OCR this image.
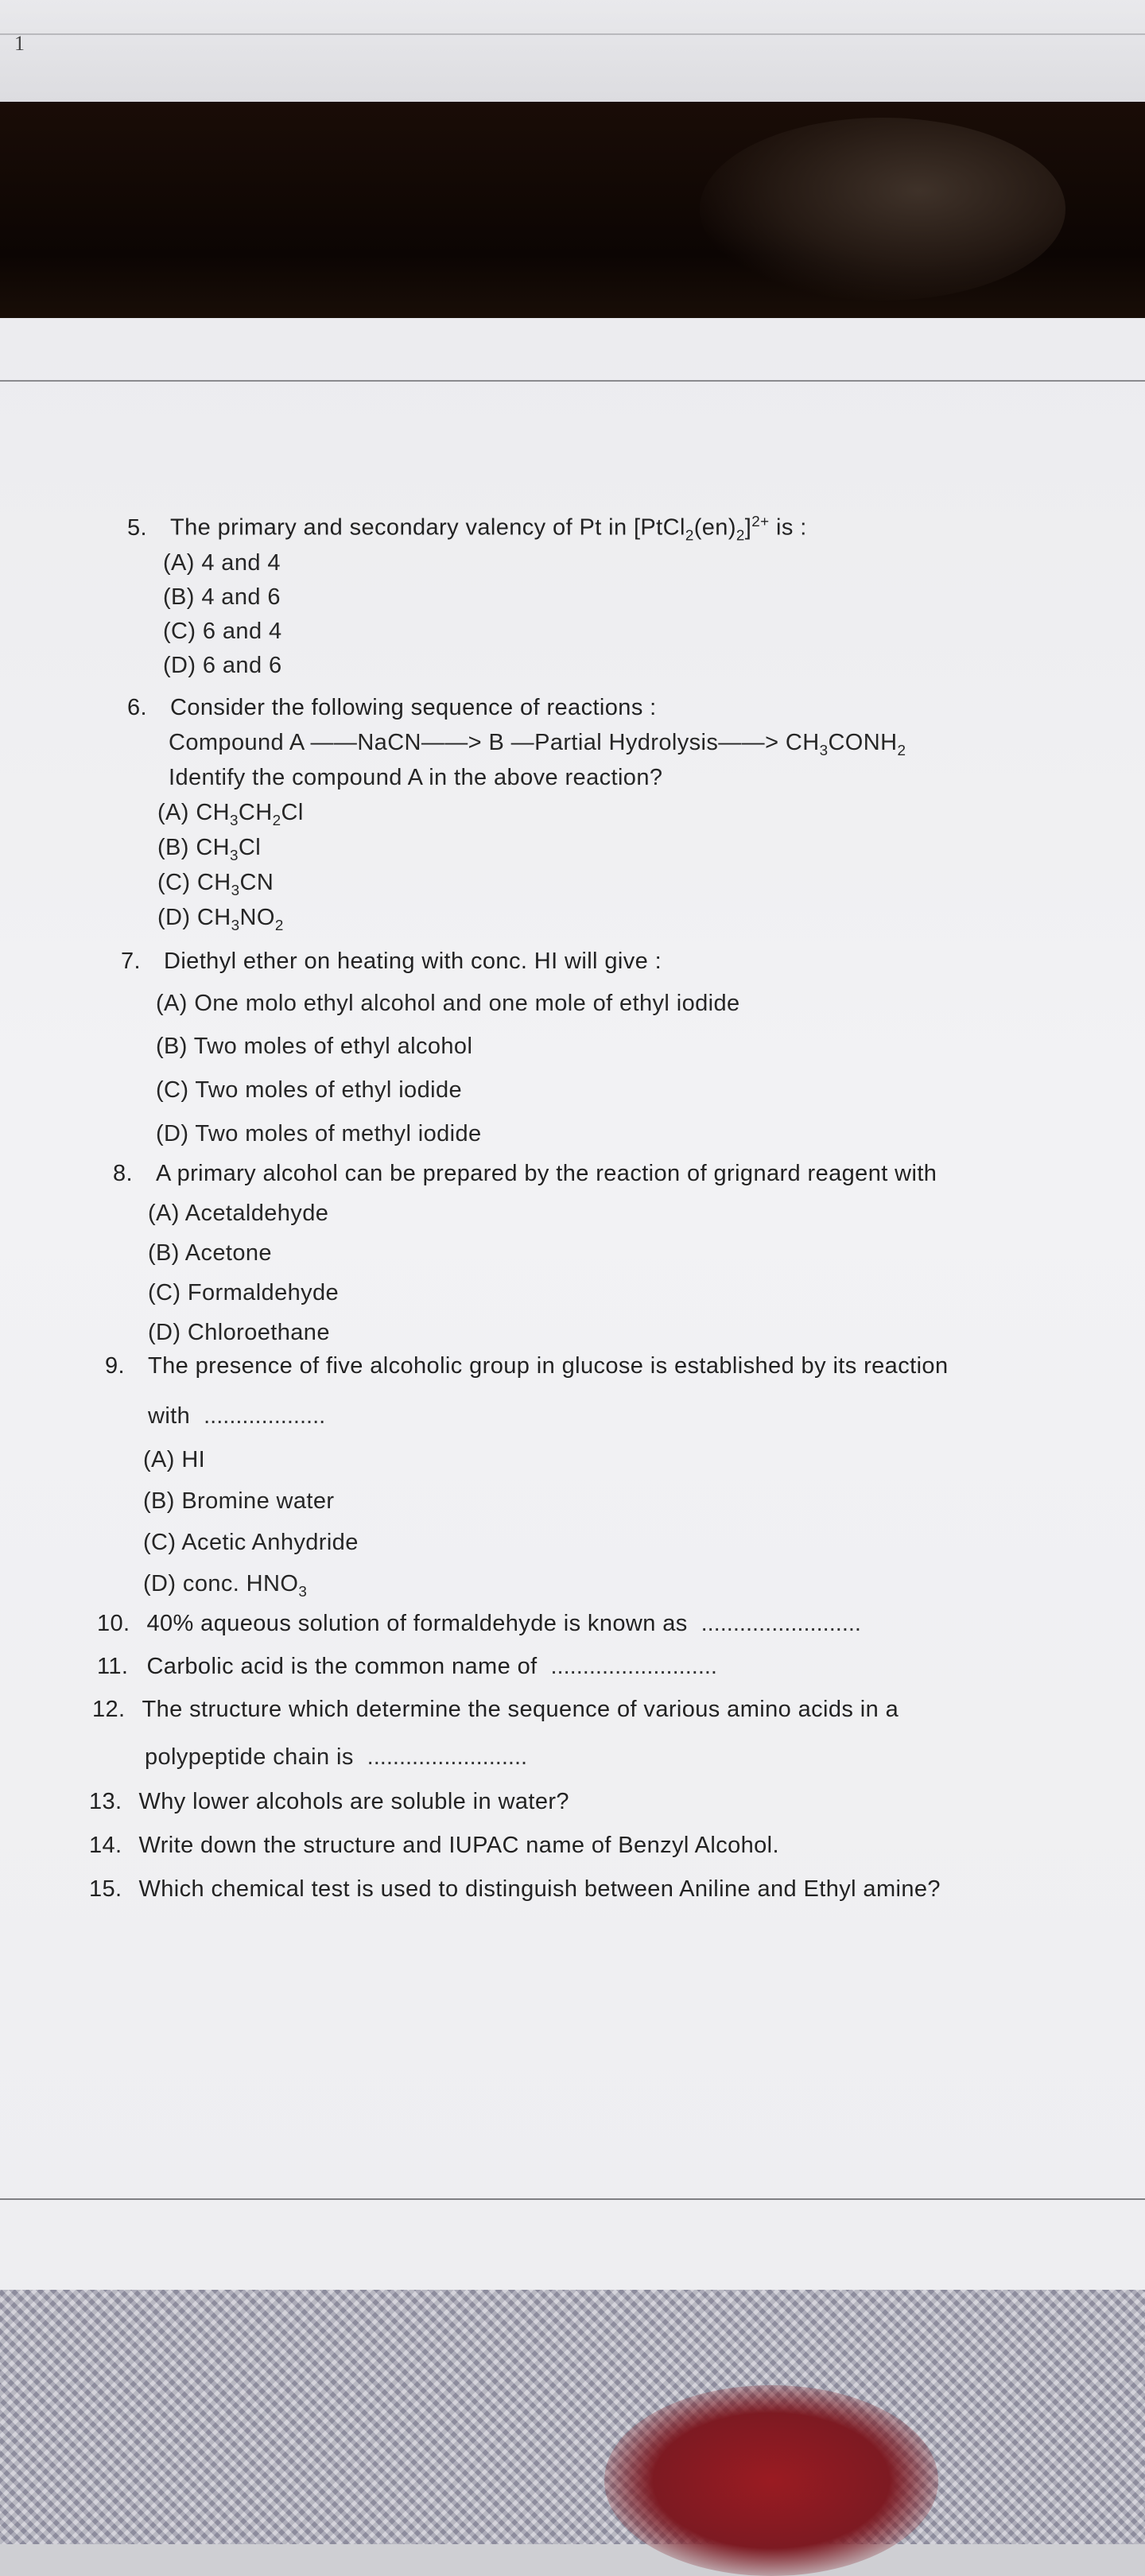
1
5. The primary and secondary valency of Pt in $[PtCl_2(en)_2]^{2+}$ is :
(A) 4 and 4
(B) 4 and 6
(C) 6 and 4
(D) 6 and 6
6. Consider the following sequence of reactions :
Compound A ——NaCN——> B —Partial Hydrolysis——> $CH_3CONH_2$
Identify the compound A in the above reaction?
(A) $CH_3CH_2Cl$
(B) $CH_3Cl$
(C) $CH_3CN$
(D) $CH_3NO_2$
7. Diethyl ether on heating with conc. HI will give :
(A) One molo ethyl alcohol and one mole of ethyl iodide
(B) Two moles of ethyl alcohol
(C) Two moles of ethyl iodide
(D) Two moles of methyl iodide
8. A primary alcohol can be prepared by the reaction of grignard reagent with
(A) Acetaldehyde
(B) Acetone
(C) Formaldehyde
(D) Chloroethane
9. The presence of five alcoholic group in glucose is established by its reaction
with ...................
(A) HI
(B) Bromine water
(C) Acetic Anhydride
(D) conc. $HNO_3$
10. 40% aqueous solution of formaldehyde is known as .........................
11. Carbolic acid is the common name of ..........................
12. The structure which determine the sequence of various amino acids in a
polypeptide chain is .........................
13. Why lower alcohols are soluble in water?
14. Write down the structure and IUPAC name of Benzyl Alcohol.
15. Which chemical test is used to distinguish between Aniline and Ethyl amine?
